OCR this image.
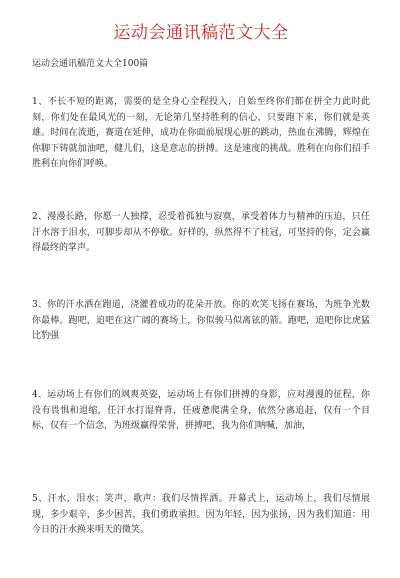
运动会通讯稿范文大全

运动会通讯稿范文大全100篇

1、不长不短的距离，需要的是全身心全程投入，自始至终你们都在拼全力此时此刻，你们处在最风光的一刻，无论第几坚持胜利的信心，只要跑下来，你们就是英雄。时间在流逝，赛道在延伸，成功在你面前展现心脏的跳动，热血在沸腾，辉煌在你脚下铸就加油吧，健儿们，这是意志的拼搏。这是速度的挑战。胜利在向你们招手胜利在向你们呼唤。

2、漫漫长路，你愿一人独撑，忍受着孤独与寂寞，承受着体力与精神的压迫，只任汗水溶于泪水，可脚步却从不停歇。好样的，纵然得不了桂冠，可坚持的你，定会赢得最终的掌声。

3、你的汗水洒在跑道，浇灌着成功的花朵开放。你的欢笑飞扬在赛场，为班争光数你最棒。跑吧，追吧在这广阔的赛场上，你似骏马似离铉的箭。跑吧，追吧你比虎猛比豹强

4、运动场上有你们的飒爽英姿，运动场上有你们拼搏的身影，应对漫漫的征程，你没有畏惧和退缩，任汗水打湿脊背，任疲惫爬满全身，依然分离追赶，仅有一个目标，仅有一个信念，为班级赢得荣誉，拼搏吧，我为你们呐喊，加油，

5、汗水，泪水；笑声，歌声：我们尽情挥洒。开幕式上，运动场上，我们尽情展现，多少艰辛，多少困苦，我们勇敢承担。因为年轻，因为张扬，因为我们知道：用今日的汗水换来明天的微笑。
